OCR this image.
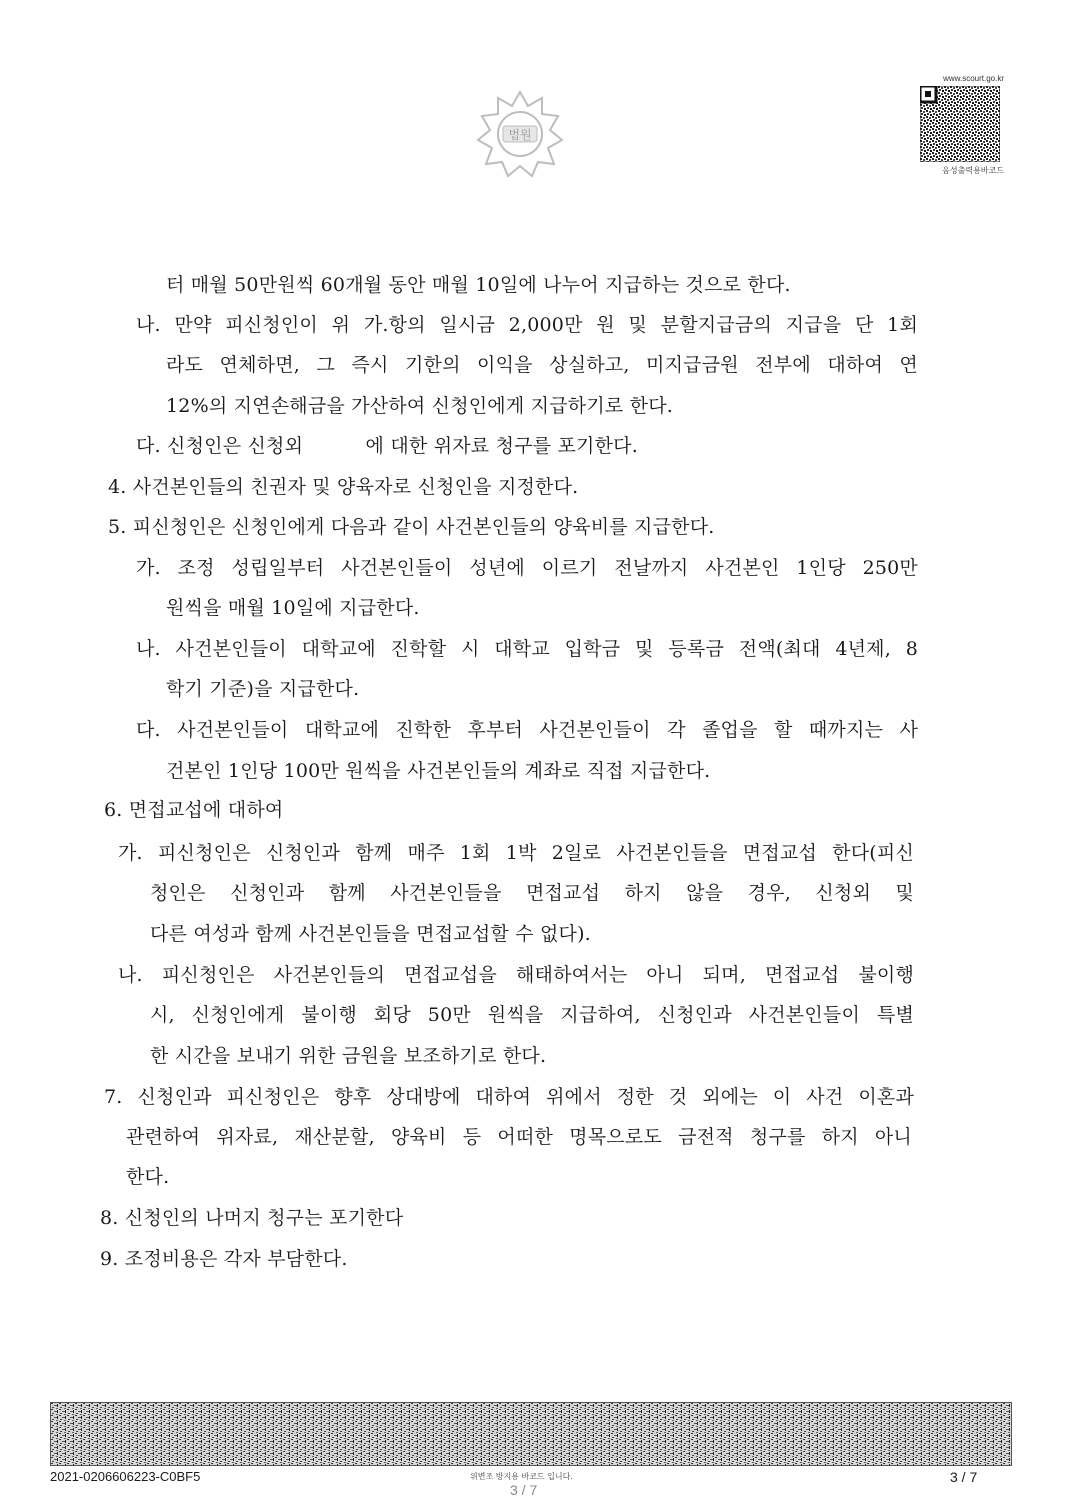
법원
www.scourt.go.kr
음성출력용바코드
터 매월 50만원씩 60개월 동안 매월 10일에 나누어 지급하는 것으로 한다.
나. 만약 피신청인이 위 가.항의 일시금 2,000만 원 및 분할지급금의 지급을 단 1회
라도 연체하면, 그 즉시 기한의 이익을 상실하고, 미지급금원 전부에 대하여 연
12%의 지연손해금을 가산하여 신청인에게 지급하기로 한다.
다. 신청인은 신청외          에 대한 위자료 청구를 포기한다.
4. 사건본인들의 친권자 및 양육자로 신청인을 지정한다.
5. 피신청인은 신청인에게 다음과 같이 사건본인들의 양육비를 지급한다.
가. 조정 성립일부터 사건본인들이 성년에 이르기 전날까지 사건본인 1인당 250만
원씩을 매월 10일에 지급한다.
나. 사건본인들이 대학교에 진학할 시 대학교 입학금 및 등록금 전액(최대 4년제, 8
학기 기준)을 지급한다.
다. 사건본인들이 대학교에 진학한 후부터 사건본인들이 각 졸업을 할 때까지는 사
건본인 1인당 100만 원씩을 사건본인들의 계좌로 직접 지급한다.
6. 면접교섭에 대하여
가. 피신청인은 신청인과 함께 매주 1회 1박 2일로 사건본인들을 면접교섭 한다(피신
청인은 신청인과 함께 사건본인들을 면접교섭 하지 않을 경우, 신청외 및
다른 여성과 함께 사건본인들을 면접교섭할 수 없다).
나. 피신청인은 사건본인들의 면접교섭을 해태하여서는 아니 되며, 면접교섭 불이행
시, 신청인에게 불이행 회당 50만 원씩을 지급하여, 신청인과 사건본인들이 특별
한 시간을 보내기 위한 금원을 보조하기로 한다.
7. 신청인과 피신청인은 향후 상대방에 대하여 위에서 정한 것 외에는 이 사건 이혼과
관련하여 위자료, 재산분할, 양육비 등 어떠한 명목으로도 금전적 청구를 하지 아니
한다.
8. 신청인의 나머지 청구는 포기한다
9. 조정비용은 각자 부담한다.
2021-0206606223-C0BF5	위변조 방지용 바코드 입니다.
3 / 7
3 / 7
